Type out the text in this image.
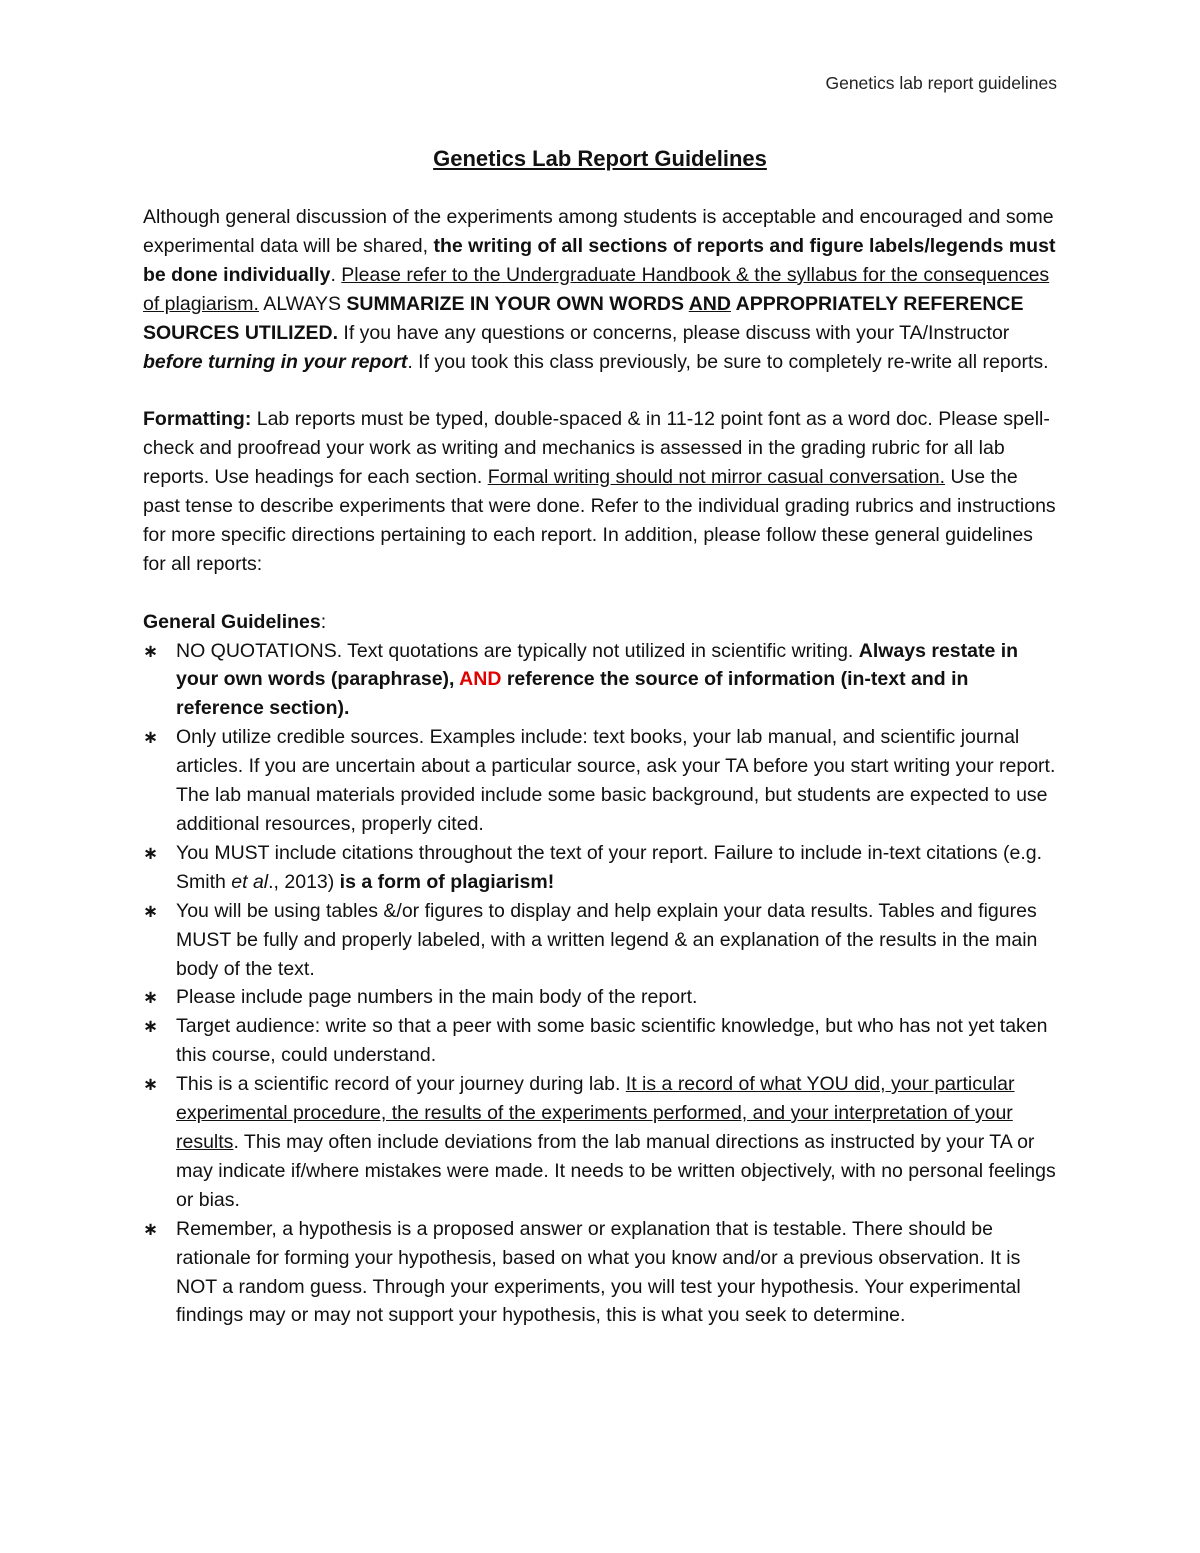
Genetics lab report guidelines
Genetics Lab Report Guidelines

Although general discussion of the experiments among students is acceptable and encouraged and some experimental data will be shared, the writing of all sections of reports and figure labels/legends must be done individually. Please refer to the Undergraduate Handbook & the syllabus for the consequences of plagiarism. ALWAYS SUMMARIZE IN YOUR OWN WORDS AND APPROPRIATELY REFERENCE SOURCES UTILIZED. If you have any questions or concerns, please discuss with your TA/Instructor before turning in your report. If you took this class previously, be sure to completely re-write all reports.

Formatting: Lab reports must be typed, double-spaced & in 11-12 point font as a word doc. Please spell-check and proofread your work as writing and mechanics is assessed in the grading rubric for all lab reports. Use headings for each section. Formal writing should not mirror casual conversation. Use the past tense to describe experiments that were done. Refer to the individual grading rubrics and instructions for more specific directions pertaining to each report. In addition, please follow these general guidelines for all reports:

General Guidelines:

∗ NO QUOTATIONS. Text quotations are typically not utilized in scientific writing. Always restate in your own words (paraphrase), AND reference the source of information (in-text and in reference section).
∗ Only utilize credible sources. Examples include: text books, your lab manual, and scientific journal articles. If you are uncertain about a particular source, ask your TA before you start writing your report. The lab manual materials provided include some basic background, but students are expected to use additional resources, properly cited.
∗ You MUST include citations throughout the text of your report. Failure to include in-text citations (e.g. Smith et al., 2013) is a form of plagiarism!
∗ You will be using tables &/or figures to display and help explain your data results. Tables and figures MUST be fully and properly labeled, with a written legend & an explanation of the results in the main body of the text.
∗ Please include page numbers in the main body of the report.
∗ Target audience: write so that a peer with some basic scientific knowledge, but who has not yet taken this course, could understand.
∗ This is a scientific record of your journey during lab. It is a record of what YOU did, your particular experimental procedure, the results of the experiments performed, and your interpretation of your results. This may often include deviations from the lab manual directions as instructed by your TA or may indicate if/where mistakes were made. It needs to be written objectively, with no personal feelings or bias.
∗ Remember, a hypothesis is a proposed answer or explanation that is testable. There should be rationale for forming your hypothesis, based on what you know and/or a previous observation. It is NOT a random guess. Through your experiments, you will test your hypothesis. Your experimental findings may or may not support your hypothesis, this is what you seek to determine.
